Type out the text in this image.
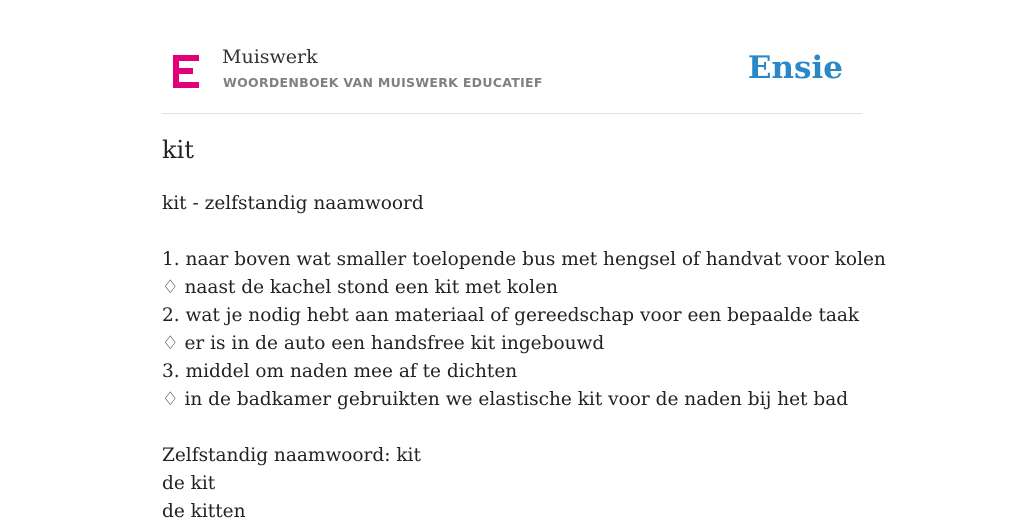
Muiswerk
WOORDENBOEK VAN MUISWERK EDUCATIEF	Ensie
kit
kit - zelfstandig naamwoord
1. naar boven wat smaller toelopende bus met hengsel of handvat voor kolen
♢ naast de kachel stond een kit met kolen
2. wat je nodig hebt aan materiaal of gereedschap voor een bepaalde taak
♢ er is in de auto een handsfree kit ingebouwd
3. middel om naden mee af te dichten
♢ in de badkamer gebruikten we elastische kit voor de naden bij het bad
Zelfstandig naamwoord: kit
de kit
de kitten
